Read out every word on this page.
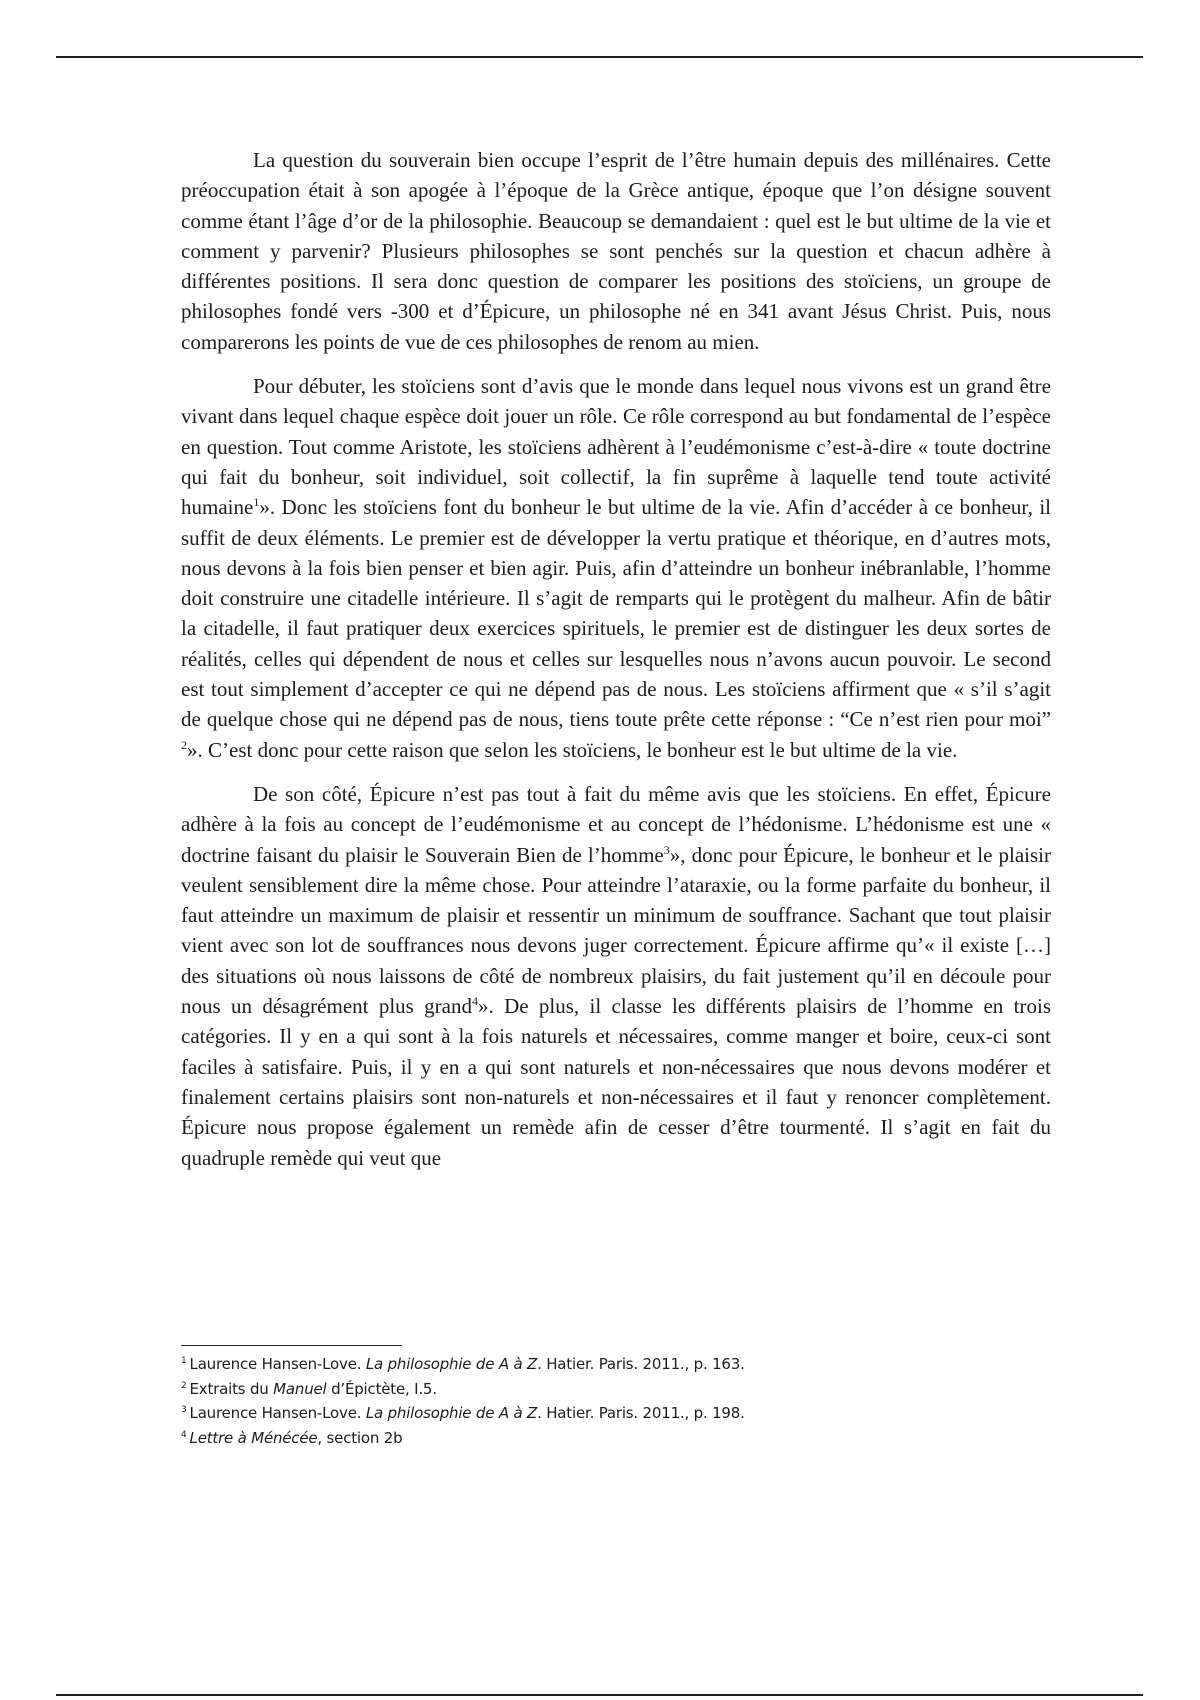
La question du souverain bien occupe l’esprit de l’être humain depuis des millénaires. Cette préoccupation était à son apogée à l’époque de la Grèce antique, époque que l’on désigne souvent comme étant l’âge d’or de la philosophie. Beaucoup se demandaient : quel est le but ultime de la vie et comment y parvenir? Plusieurs philosophes se sont penchés sur la question et chacun adhère à différentes positions. Il sera donc question de comparer les positions des stoïciens, un groupe de philosophes fondé vers -300 et d’Épicure, un philosophe né en 341 avant Jésus Christ. Puis, nous comparerons les points de vue de ces philosophes de renom au mien.

Pour débuter, les stoïciens sont d’avis que le monde dans lequel nous vivons est un grand être vivant dans lequel chaque espèce doit jouer un rôle. Ce rôle correspond au but fondamental de l’espèce en question. Tout comme Aristote, les stoïciens adhèrent à l’eudémonisme c’est-à-dire « toute doctrine qui fait du bonheur, soit individuel, soit collectif, la fin suprême à laquelle tend toute activité humaine$^1$». Donc les stoïciens font du bonheur le but ultime de la vie. Afin d’accéder à ce bonheur, il suffit de deux éléments. Le premier est de développer la vertu pratique et théorique, en d’autres mots, nous devons à la fois bien penser et bien agir. Puis, afin d’atteindre un bonheur inébranlable, l’homme doit construire une citadelle intérieure. Il s’agit de remparts qui le protègent du malheur. Afin de bâtir la citadelle, il faut pratiquer deux exercices spirituels, le premier est de distinguer les deux sortes de réalités, celles qui dépendent de nous et celles sur lesquelles nous n’avons aucun pouvoir. Le second est tout simplement d’accepter ce qui ne dépend pas de nous. Les stoïciens affirment que « s’il s’agit de quelque chose qui ne dépend pas de nous, tiens toute prête cette réponse : “Ce n’est rien pour moi” $^2$». C’est donc pour cette raison que selon les stoïciens, le bonheur est le but ultime de la vie.

De son côté, Épicure n’est pas tout à fait du même avis que les stoïciens. En effet, Épicure adhère à la fois au concept de l’eudémonisme et au concept de l’hédonisme. L’hédonisme est une « doctrine faisant du plaisir le Souverain Bien de l’homme$^3$», donc pour Épicure, le bonheur et le plaisir veulent sensiblement dire la même chose. Pour atteindre l’ataraxie, ou la forme parfaite du bonheur, il faut atteindre un maximum de plaisir et ressentir un minimum de souffrance. Sachant que tout plaisir vient avec son lot de souffrances nous devons juger correctement. Épicure affirme qu’« il existe […] des situations où nous laissons de côté de nombreux plaisirs, du fait justement qu’il en découle pour nous un désagrément plus grand$^4$». De plus, il classe les différents plaisirs de l’homme en trois catégories. Il y en a qui sont à la fois naturels et nécessaires, comme manger et boire, ceux-ci sont faciles à satisfaire. Puis, il y en a qui sont naturels et non-nécessaires que nous devons modérer et finalement certains plaisirs sont non-naturels et non-nécessaires et il faut y renoncer complètement. Épicure nous propose également un remède afin de cesser d’être tourmenté. Il s’agit en fait du quadruple remède qui veut que

$^1$ Laurence Hansen-Love. La philosophie de A à Z. Hatier. Paris. 2011., p. 163.
$^2$ Extraits du Manuel d’Épictète, I.5.
$^3$ Laurence Hansen-Love. La philosophie de A à Z. Hatier. Paris. 2011., p. 198.
$^4$ Lettre à Ménécée, section 2b
